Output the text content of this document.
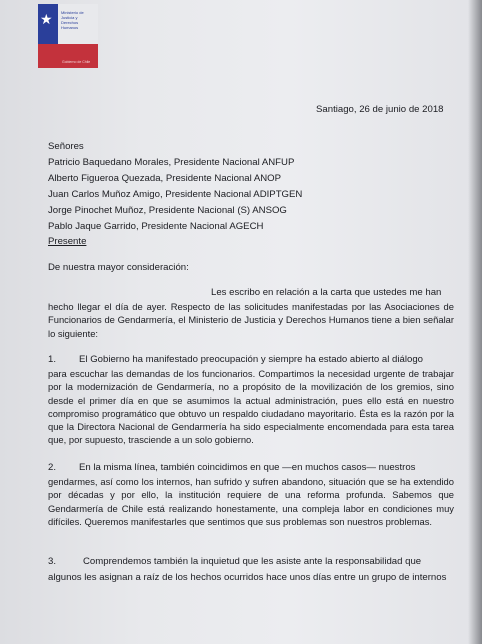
★ Ministerio de Justicia y Derechos Humanos
Gobierno de Chile
Santiago, 26 de junio de 2018
Señores
Patricio Baquedano Morales, Presidente Nacional ANFUP
Alberto Figueroa Quezada, Presidente Nacional ANOP
Juan Carlos Muñoz Amigo, Presidente Nacional ADIPTGEN
Jorge Pinochet Muñoz, Presidente Nacional (S) ANSOG
Pablo Jaque Garrido, Presidente Nacional AGECH
Presente
De nuestra mayor consideración:
Les escribo en relación a la carta que ustedes me han
hecho llegar el día de ayer. Respecto de las solicitudes manifestadas por las Asociaciones de Funcionarios de Gendarmería, el Ministerio de Justicia y Derechos Humanos tiene a bien señalar lo siguiente:
1. El Gobierno ha manifestado preocupación y siempre ha estado abierto al diálogo
para escuchar las demandas de los funcionarios. Compartimos la necesidad urgente de trabajar por la modernización de Gendarmería, no a propósito de la movilización de los gremios, sino desde el primer día en que se asumimos la actual administración, pues ello está en nuestro compromiso programático que obtuvo un respaldo ciudadano mayoritario. Ésta es la razón por la que la Directora Nacional de Gendarmería ha sido especialmente encomendada para esta tarea que, por supuesto, trasciende a un solo gobierno.
2. En la misma línea, también coincidimos en que —en muchos casos— nuestros
gendarmes, así como los internos, han sufrido y sufren abandono, situación que se ha extendido por décadas y por ello, la institución requiere de una reforma profunda. Sabemos que Gendarmería de Chile está realizando honestamente, una compleja labor en condiciones muy difíciles. Queremos manifestarles que sentimos que sus problemas son nuestros problemas.
3.	Comprendemos también la inquietud que les asiste ante la responsabilidad que
algunos les asignan a raíz de los hechos ocurridos hace unos días entre un grupo de internos
